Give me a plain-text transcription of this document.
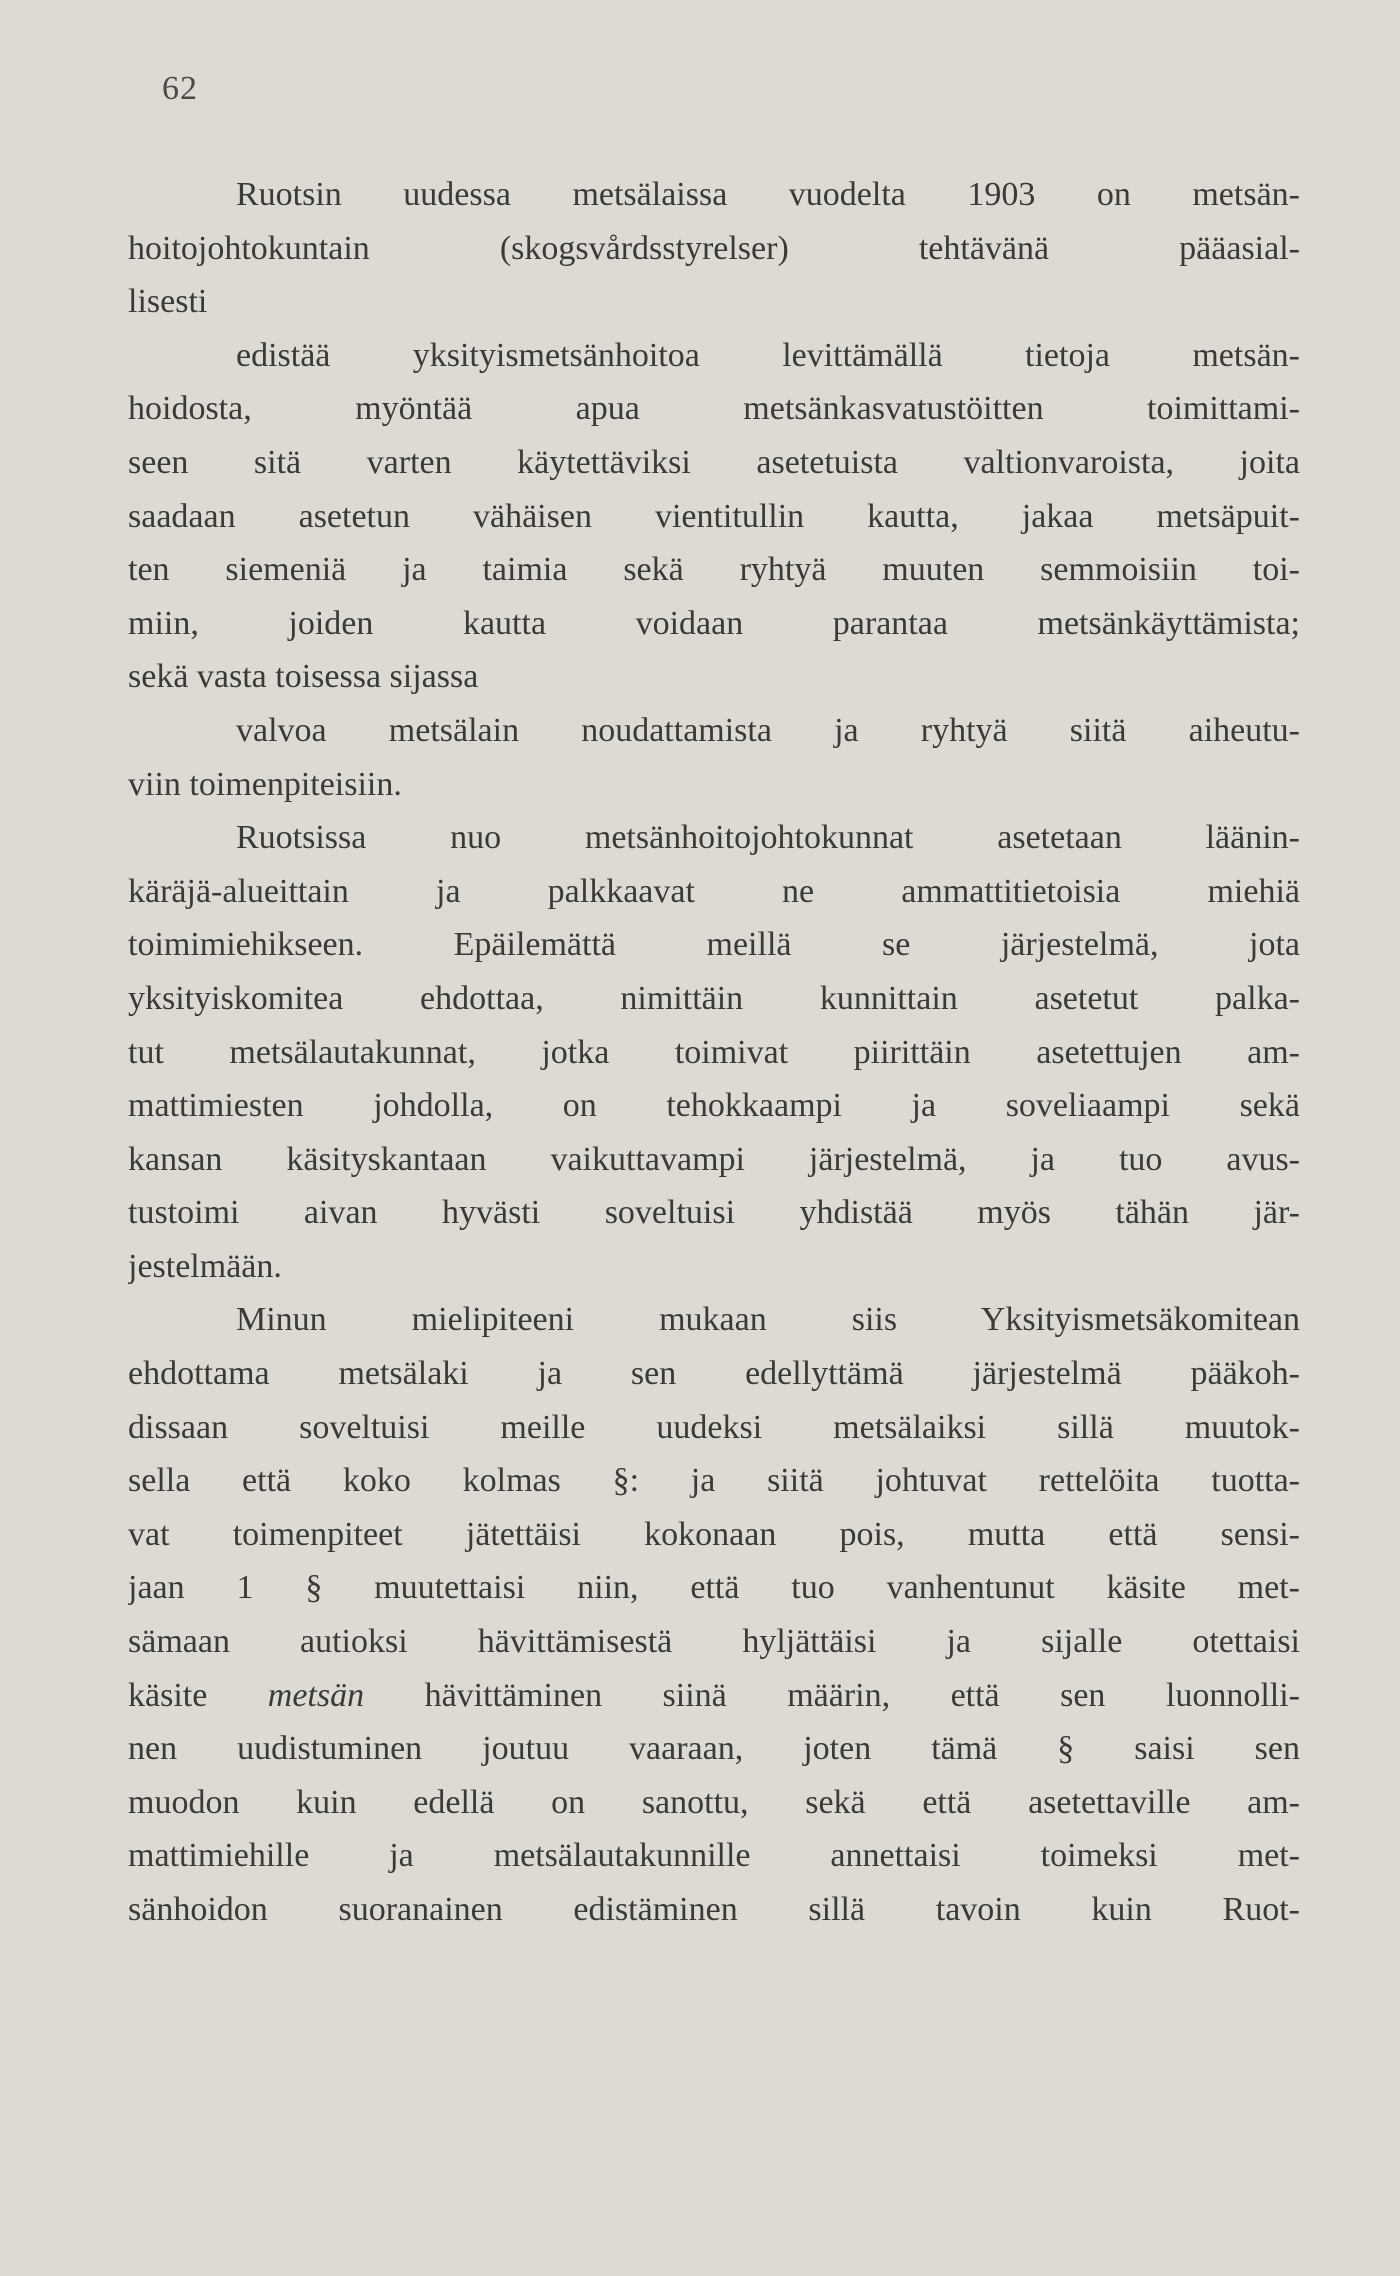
62
Ruotsin uudessa metsälaissa vuodelta 1903 on metsän-
hoitojohtokuntain (skogsvårdsstyrelser) tehtävänä pääasial-
lisesti
edistää yksityismetsänhoitoa levittämällä tietoja metsän-
hoidosta, myöntää apua metsänkasvatustöitten toimittami-
seen sitä varten käytettäviksi asetetuista valtionvaroista, joita
saadaan asetetun vähäisen vientitullin kautta, jakaa metsäpuit-
ten siemeniä ja taimia sekä ryhtyä muuten semmoisiin toi-
miin, joiden kautta voidaan parantaa metsänkäyttämista;
sekä vasta toisessa sijassa
valvoa metsälain noudattamista ja ryhtyä siitä aiheutu-
viin toimenpiteisiin.
Ruotsissa nuo metsänhoitojohtokunnat asetetaan läänin-
käräjä-alueittain ja palkkaavat ne ammattitietoisia miehiä
toimimiehikseen. Epäilemättä meillä se järjestelmä, jota
yksityiskomitea ehdottaa, nimittäin kunnittain asetetut palka-
tut metsälautakunnat, jotka toimivat piirittäin asetettujen am-
mattimiesten johdolla, on tehokkaampi ja soveliaampi sekä
kansan käsityskantaan vaikuttavampi järjestelmä, ja tuo avus-
tustoimi aivan hyvästi soveltuisi yhdistää myös tähän jär-
jestelmään.
Minun mielipiteeni mukaan siis Yksityismetsäkomitean
ehdottama metsälaki ja sen edellyttämä järjestelmä pääkoh-
dissaan soveltuisi meille uudeksi metsälaiksi sillä muutok-
sella että koko kolmas §: ja siitä johtuvat rettelöita tuotta-
vat toimenpiteet jätettäisi kokonaan pois, mutta että sensi-
jaan 1 § muutettaisi niin, että tuo vanhentunut käsite met-
sämaan autioksi hävittämisestä hyljättäisi ja sijalle otettaisi
käsite metsän hävittäminen siinä määrin, että sen luonnolli-
nen uudistuminen joutuu vaaraan, joten tämä § saisi sen
muodon kuin edellä on sanottu, sekä että asetettaville am-
mattimiehille ja metsälautakunnille annettaisi toimeksi met-
sänhoidon suoranainen edistäminen sillä tavoin kuin Ruot-
